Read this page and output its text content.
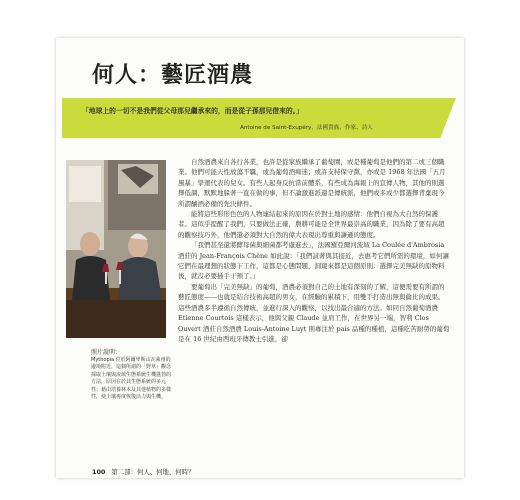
何人：藝匠酒農

「地球上的一切不是我們從父母那兒繼承來的，而是從子孫那兒借來的。」

Antoine de Saint-Exupéry，法國貴族、作家、詩人

照片說明：

Mythopia 位於阿爾卑斯山瓦萊州的邊境附近，這個所謂的「野草」觀念採取土壤與流域生態系統生機蓬勃的方法，原因在於其生態系統的多元性；藉由培養林木及其他植物的多樣性，使土壤再度恢復活力與生機。

自然酒農來自各行各業，也許是從家族繼承了葡萄園，或是種葡萄是他們的第二或三個職業。他們可能天性放蕩不羈，或為葡萄酒痴迷；或許支持保守黨，亦或是 1968 年法國「五月風暴」學運代表的兒女。有些人起身反抗當前體系，有些成為海報上的宣傳人物，其他的則選擇低調，默默地躲著一直在做的事，但不論激進派還是傳統派，他們或多或少都選擇背棄現今所謂釀酒必備的先決條件。

能將這些形形色色的人物連結起來的原因在於對土地的感情：他們自視為大自然的保護者。這似乎提醒了我們，只要做法正確，農耕可能是全世界最崇高的職業，因為除了要有高超的觀察技巧外，他們還必須對大自然的偉大表現出尊重與謙遜的態度。

「我們甚至還將酵母菌與細菌都考慮進去」，法國羅亞爾河流域 La Coulée d'Ambrosia 酒莊的 Jean-François Chêne 如此說：「我們試著與其接近，去惠考它們所需的環境，如何讓它們在最理想的狀態下工作，這都是心態問題，洞窺來都是這個原則：選擇完美無缺的原物料後，就沒必要插手干預了。」

要葡萄出「完美無缺」的葡萄，酒農必須對自己的土地有深刻的了解，這便需要有所謂的藝匠態度——也就是結合技術高超的男女，在經驗的累積下，用雙手打造出無與倫比的成果。這些酒農多半遵循自然傳統，並進行深入的觀察，以找出最合適的方法。如同自然葡萄酒農 Etienne Courtois 這樣表示，他與父親 Claude 並肩工作，在世界另一端，智利 Clos Ouvert 酒莊自然酒農 Louis-Antoine Luyt 則專注於 país 品種的種植，這種吃苦耐勞的葡萄是在 16 世紀由西班牙傳教士引進，卻

100 第二部：何人、何地、何時？
